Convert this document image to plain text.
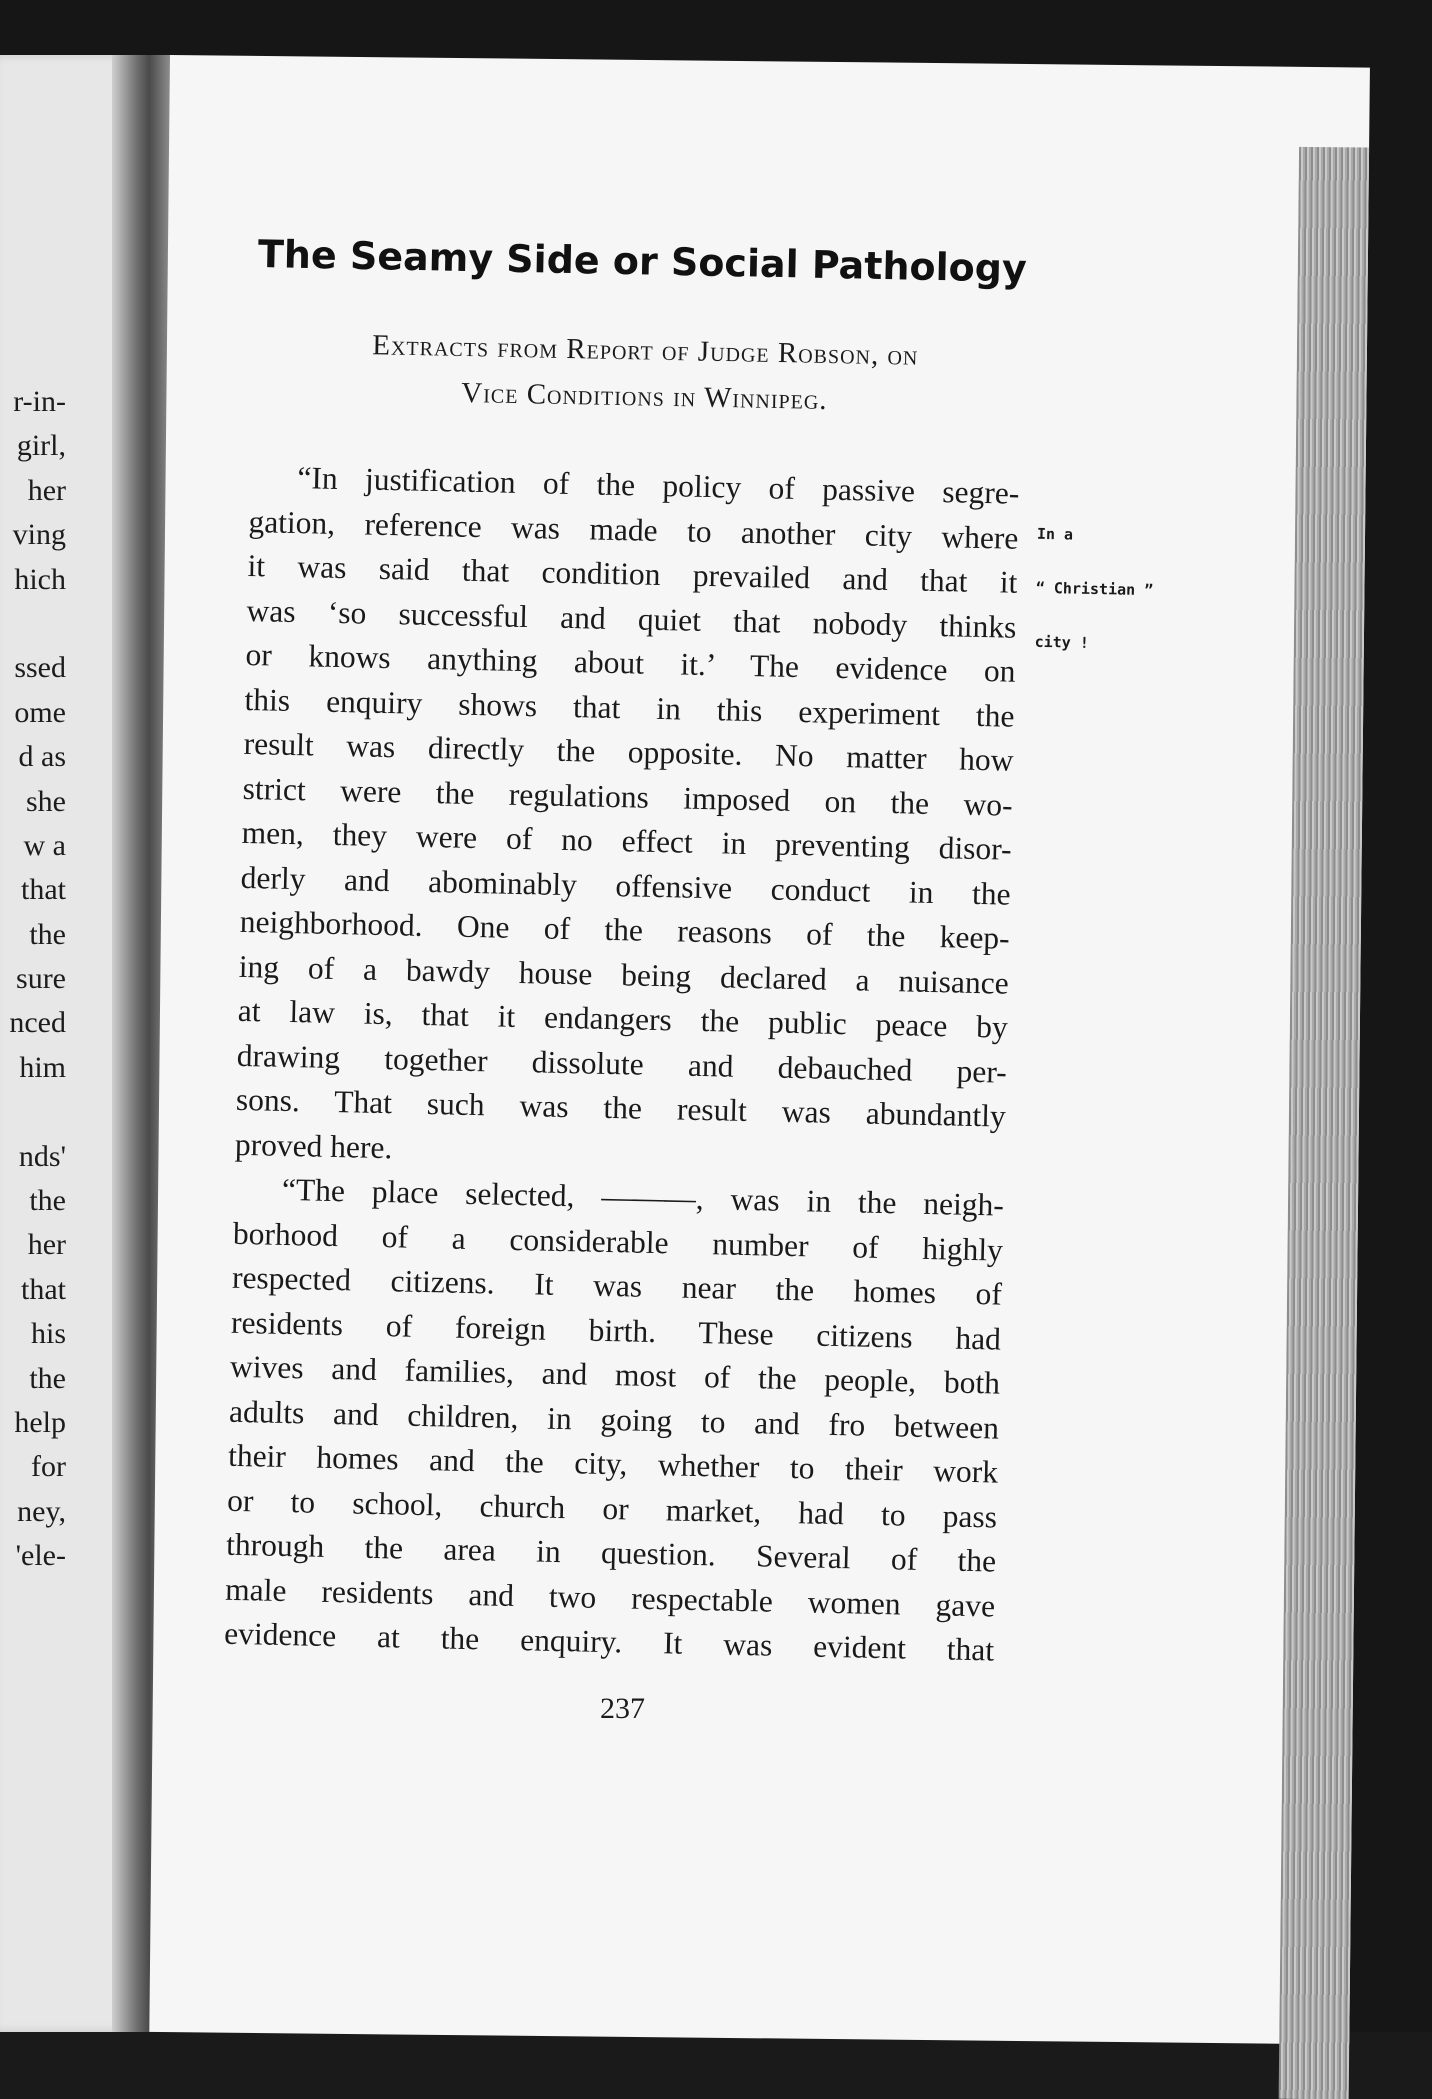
r-in-
girl,
her
ving
hich
ssed
ome
d as
she
w a
that
the
sure
nced
him
nds'
the
her
that
his
the
help
for
ney,
'ele-
The Seamy Side or Social Pathology
Extracts from Report of Judge Robson, on
Vice Conditions in Winnipeg.

In a

“ Christian ”

city !

“In justification of the policy of passive segre-
gation, reference was made to another city where
it was said that condition prevailed and that it
was ‘so successful and quiet that nobody thinks
or knows anything about it.’ The evidence on
this enquiry shows that in this experiment the
result was directly the opposite. No matter how
strict were the regulations imposed on the wo-
men, they were of no effect in preventing disor-
derly and abominably offensive conduct in the
neighborhood. One of the reasons of the keep-
ing of a bawdy house being declared a nuisance
at law is, that it endangers the public peace by
drawing together dissolute and debauched per-
sons. That such was the result was abundantly
proved here.
“The place selected, ———, was in the neigh-
borhood of a considerable number of highly
respected citizens. It was near the homes of
residents of foreign birth. These citizens had
wives and families, and most of the people, both
adults and children, in going to and fro between
their homes and the city, whether to their work
or to school, church or market, had to pass
through the area in question. Several of the
male residents and two respectable women gave
evidence at the enquiry. It was evident that
237
